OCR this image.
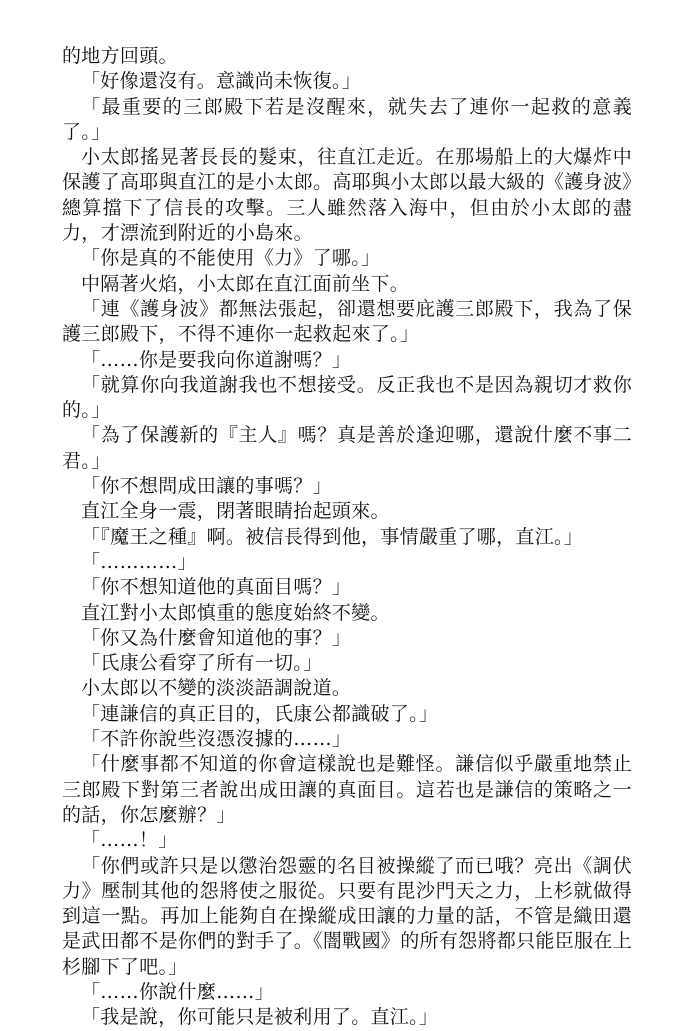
的地方回頭。

「好像還沒有。意識尚未恢復。」

「最重要的三郎殿下若是沒醒來，就失去了連你一起救的意義了。」

小太郎搖晃著長長的髮束，往直江走近。在那場船上的大爆炸中保護了高耶與直江的是小太郎。高耶與小太郎以最大級的《護身波》總算擋下了信長的攻擊。三人雖然落入海中，但由於小太郎的盡力，才漂流到附近的小島來。

「你是真的不能使用《力》了哪。」

中隔著火焰，小太郎在直江面前坐下。

「連《護身波》都無法張起，卻還想要庇護三郎殿下，我為了保護三郎殿下，不得不連你一起救起來了。」

「……你是要我向你道謝嗎？」

「就算你向我道謝我也不想接受。反正我也不是因為親切才救你的。」

「為了保護新的『主人』嗎？真是善於逢迎哪，還說什麼不事二君。」

「你不想問成田讓的事嗎？」

直江全身一震，閉著眼睛抬起頭來。

「『魔王之種』啊。被信長得到他，事情嚴重了哪，直江。」

「…………」

「你不想知道他的真面目嗎？」

直江對小太郎慎重的態度始終不變。

「你又為什麼會知道他的事？」

「氏康公看穿了所有一切。」

小太郎以不變的淡淡語調說道。

「連謙信的真正目的，氏康公都識破了。」

「不許你說些沒憑沒據的……」

「什麼事都不知道的你會這樣說也是難怪。謙信似乎嚴重地禁止三郎殿下對第三者說出成田讓的真面目。這若也是謙信的策略之一的話，你怎麼辦？」

「……！」

「你們或許只是以懲治怨靈的名目被操縱了而已哦？亮出《調伏力》壓制其他的怨將使之服從。只要有毘沙門天之力，上杉就做得到這一點。再加上能夠自在操縱成田讓的力量的話，不管是織田還是武田都不是你們的對手了。《闇戰國》的所有怨將都只能臣服在上杉腳下了吧。」

「……你說什麼……」

「我是說，你可能只是被利用了。直江。」
